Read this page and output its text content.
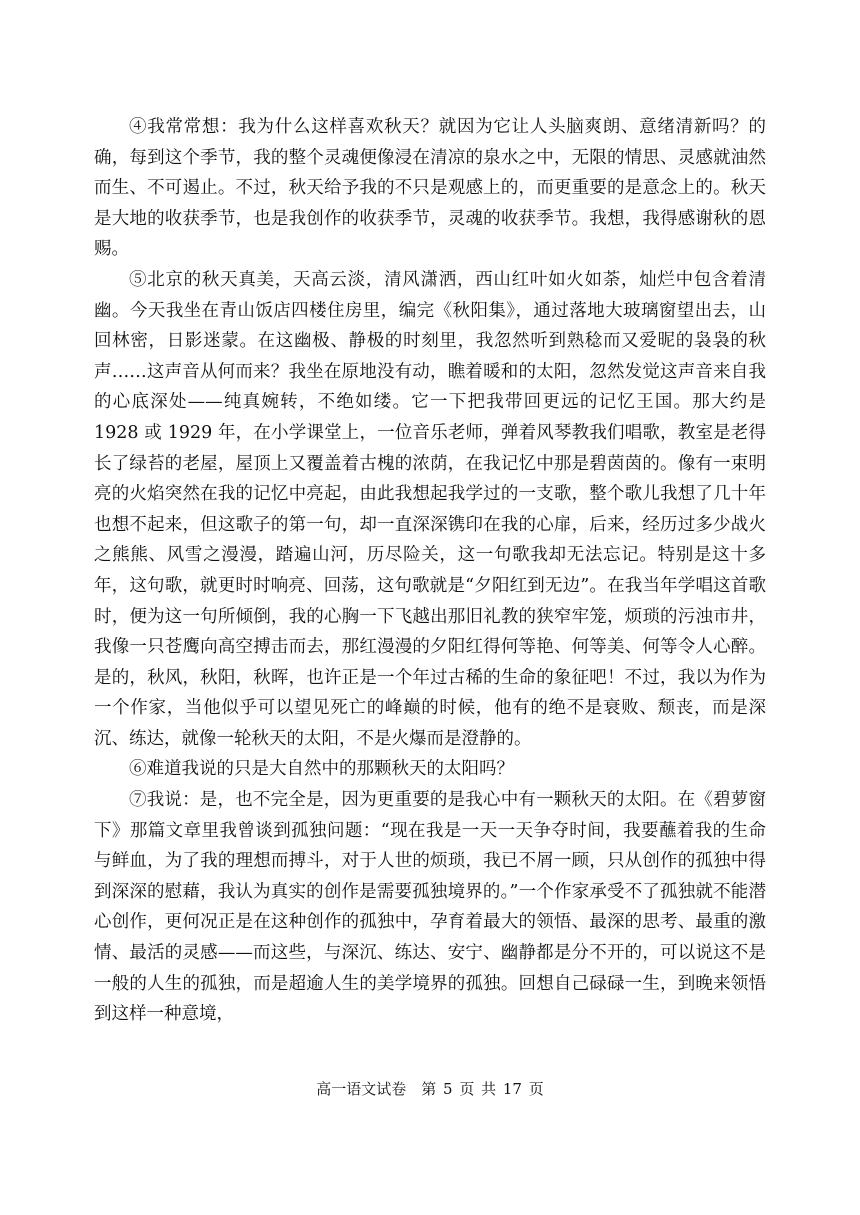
④我常常想：我为什么这样喜欢秋天？就因为它让人头脑爽朗、意绪清新吗？的确，每到这个季节，我的整个灵魂便像浸在清凉的泉水之中，无限的情思、灵感就油然而生、不可遏止。不过，秋天给予我的不只是观感上的，而更重要的是意念上的。秋天是大地的收获季节，也是我创作的收获季节，灵魂的收获季节。我想，我得感谢秋的恩赐。

⑤北京的秋天真美，天高云淡，清风潇洒，西山红叶如火如荼，灿烂中包含着清幽。今天我坐在青山饭店四楼住房里，编完《秋阳集》，通过落地大玻璃窗望出去，山回林密，日影迷蒙。在这幽极、静极的时刻里，我忽然听到熟稔而又爱昵的袅袅的秋声……这声音从何而来？我坐在原地没有动，瞧着暖和的太阳，忽然发觉这声音来自我的心底深处——纯真婉转，不绝如缕。它一下把我带回更远的记忆王国。那大约是 1928 或 1929 年，在小学课堂上，一位音乐老师，弹着风琴教我们唱歌，教室是老得长了绿苔的老屋，屋顶上又覆盖着古槐的浓荫，在我记忆中那是碧茵茵的。像有一束明亮的火焰突然在我的记忆中亮起，由此我想起我学过的一支歌，整个歌儿我想了几十年也想不起来，但这歌子的第一句，却一直深深镌印在我的心扉，后来，经历过多少战火之熊熊、风雪之漫漫，踏遍山河，历尽险关，这一句歌我却无法忘记。特别是这十多年，这句歌，就更时时响亮、回荡，这句歌就是“夕阳红到无边”。在我当年学唱这首歌时，便为这一句所倾倒，我的心胸一下飞越出那旧礼教的狭窄牢笼，烦琐的污浊市井，我像一只苍鹰向高空搏击而去，那红漫漫的夕阳红得何等艳、何等美、何等令人心醉。是的，秋风，秋阳，秋晖，也许正是一个年过古稀的生命的象征吧！不过，我以为作为一个作家，当他似乎可以望见死亡的峰巅的时候，他有的绝不是衰败、颓丧，而是深沉、练达，就像一轮秋天的太阳，不是火爆而是澄静的。

⑥难道我说的只是大自然中的那颗秋天的太阳吗？

⑦我说：是，也不完全是，因为更重要的是我心中有一颗秋天的太阳。在《碧萝窗下》那篇文章里我曾谈到孤独问题：“现在我是一天一天争夺时间，我要蘸着我的生命与鲜血，为了我的理想而搏斗，对于人世的烦琐，我已不屑一顾，只从创作的孤独中得到深深的慰藉，我认为真实的创作是需要孤独境界的。”一个作家承受不了孤独就不能潜心创作，更何况正是在这种创作的孤独中，孕育着最大的领悟、最深的思考、最重的激情、最活的灵感——而这些，与深沉、练达、安宁、幽静都是分不开的，可以说这不是一般的人生的孤独，而是超逾人生的美学境界的孤独。回想自己碌碌一生，到晚来领悟到这样一种意境，

高一语文试卷　第 5 页 共 17 页
